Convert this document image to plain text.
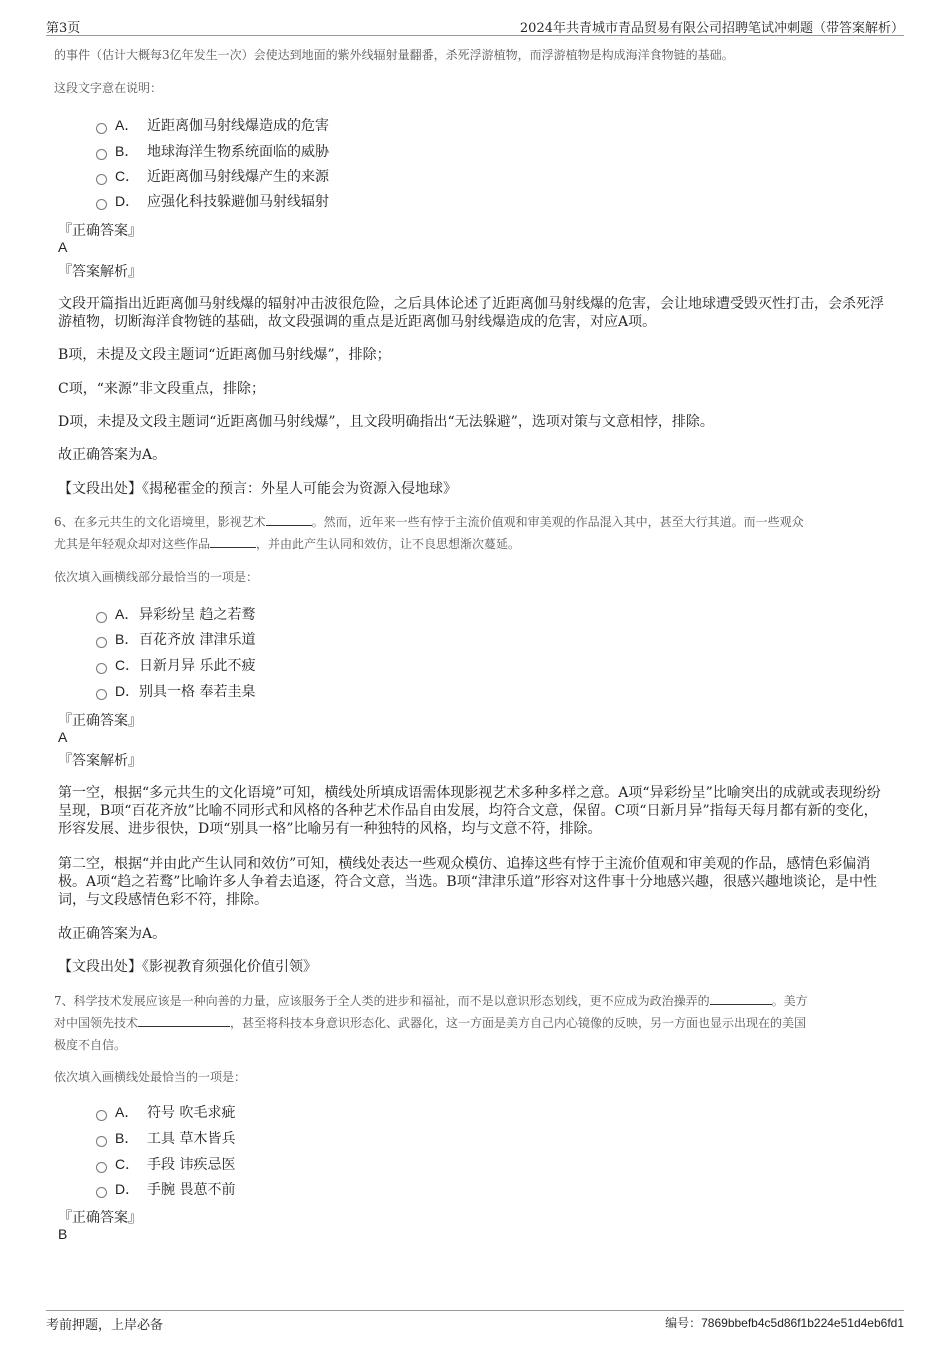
第3页	2024年共青城市青品贸易有限公司招聘笔试冲刺题（带答案解析）
的事件（估计大概每3亿年发生一次）会使达到地面的紫外线辐射量翻番，杀死浮游植物，而浮游植物是构成海洋食物链的基础。
这段文字意在说明：
A． 近距离伽马射线爆造成的危害
B． 地球海洋生物系统面临的威胁
C． 近距离伽马射线爆产生的来源
D． 应强化科技躲避伽马射线辐射
『正确答案』
A
『答案解析』
文段开篇指出近距离伽马射线爆的辐射冲击波很危险，之后具体论述了近距离伽马射线爆的危害，会让地球遭受毁灭性打击，会杀死浮游植物，切断海洋食物链的基础，故文段强调的重点是近距离伽马射线爆造成的危害，对应A项。
B项，未提及文段主题词“近距离伽马射线爆”，排除；
C项，“来源”非文段重点，排除；
D项，未提及文段主题词“近距离伽马射线爆”，且文段明确指出“无法躲避”，选项对策与文意相悖，排除。
故正确答案为A。
【文段出处】《揭秘霍金的预言：外星人可能会为资源入侵地球》
6、在多元共生的文化语境里，影视艺术	。然而，近年来一些有悖于主流价值观和审美观的作品混入其中，甚至大行其道。而一些观众
尤其是年轻观众却对这些作品	，并由此产生认同和效仿，让不良思想渐次蔓延。
依次填入画横线部分最恰当的一项是：
A． 异彩纷呈 趋之若鹜
B． 百花齐放 津津乐道
C． 日新月异 乐此不疲
D． 别具一格 奉若圭臬
『正确答案』
A
『答案解析』
第一空，根据“多元共生的文化语境”可知，横线处所填成语需体现影视艺术多种多样之意。A项“异彩纷呈”比喻突出的成就或表现纷纷呈现，B项“百花齐放”比喻不同形式和风格的各种艺术作品自由发展，均符合文意，保留。C项“日新月异”指每天每月都有新的变化，形容发展、进步很快，D项“别具一格”比喻另有一种独特的风格，均与文意不符，排除。
第二空，根据“并由此产生认同和效仿”可知，横线处表达一些观众模仿、追捧这些有悖于主流价值观和审美观的作品，感情色彩偏消极。A项“趋之若鹜”比喻许多人争着去追逐，符合文意，当选。B项“津津乐道”形容对这件事十分地感兴趣，很感兴趣地谈论，是中性词，与文段感情色彩不符，排除。
故正确答案为A。
【文段出处】《影视教育须强化价值引领》
7、科学技术发展应该是一种向善的力量，应该服务于全人类的进步和福祉，而不是以意识形态划线，更不应成为政治操弄的	。美方
对中国领先技术	，甚至将科技本身意识形态化、武器化，这一方面是美方自己内心镜像的反映，另一方面也显示出现在的美国
极度不自信。
依次填入画横线处最恰当的一项是：
A． 符号 吹毛求疵
B． 工具 草木皆兵
C． 手段 讳疾忌医
D． 手腕 畏葸不前
『正确答案』
B
考前押题，上岸必备	编号：7869bbefb4c5d86f1b224e51d4eb6fd1
